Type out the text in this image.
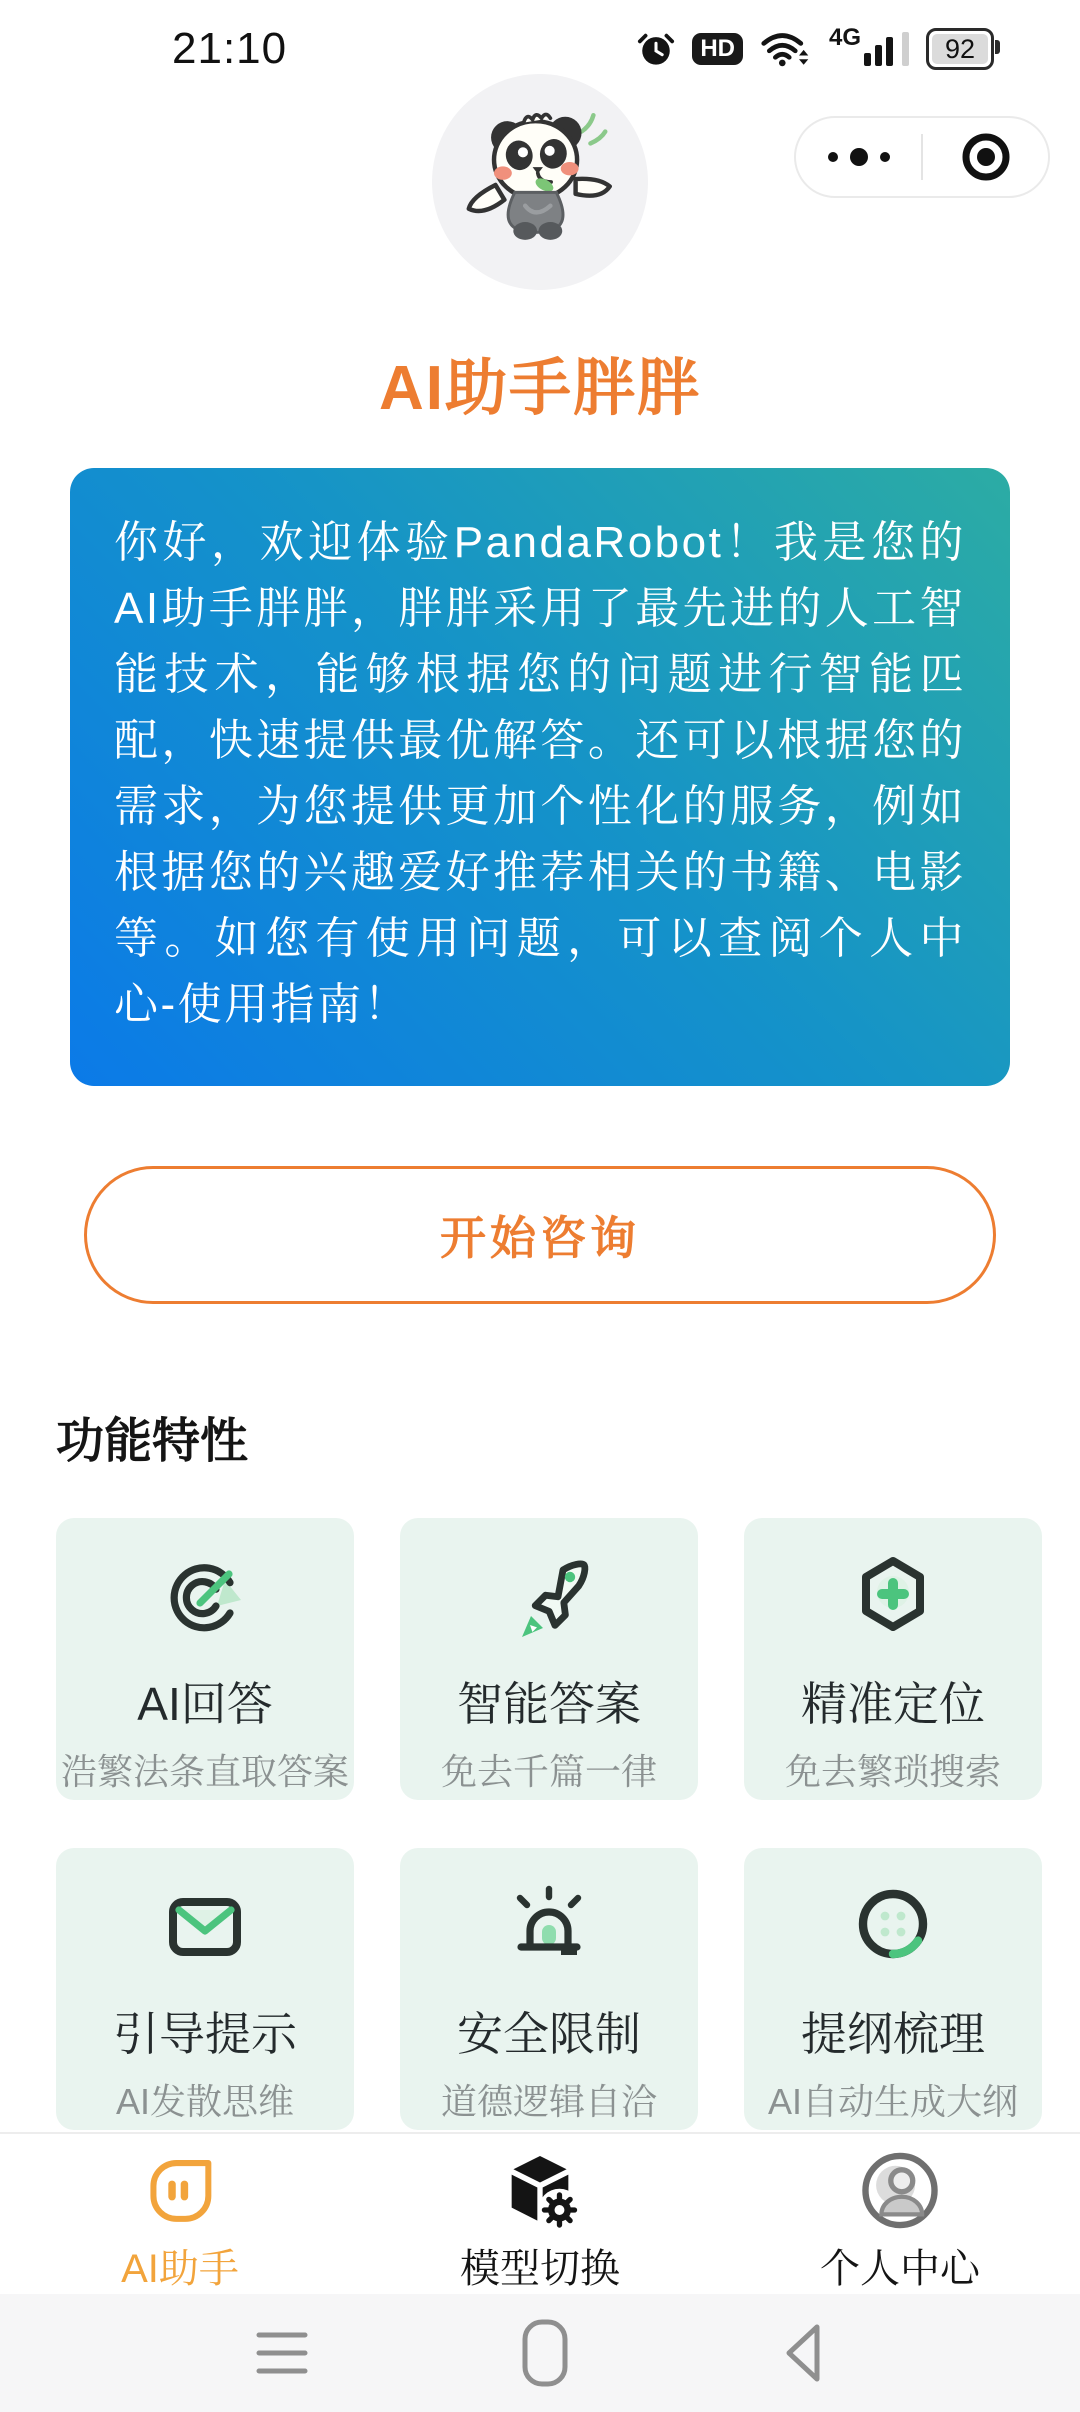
21:10	HD	4G	92
AI助手胖胖

你好，欢迎体验PandaRobot！我是您的AI助手胖胖，胖胖采用了最先进的人工智能技术，能够根据您的问题进行智能匹配，快速提供最优解答。还可以根据您的需求，为您提供更加个性化的服务，例如根据您的兴趣爱好推荐相关的书籍、电影等。如您有使用问题，可以查阅个人中心-使用指南！

开始咨询
功能特性
AI回答
浩繁法条直取答案
智能答案
免去千篇一律
精准定位
免去繁琐搜索
引导提示
AI发散思维
安全限制
道德逻辑自洽
提纲梳理
AI自动生成大纲
AI助手	模型切换	个人中心
